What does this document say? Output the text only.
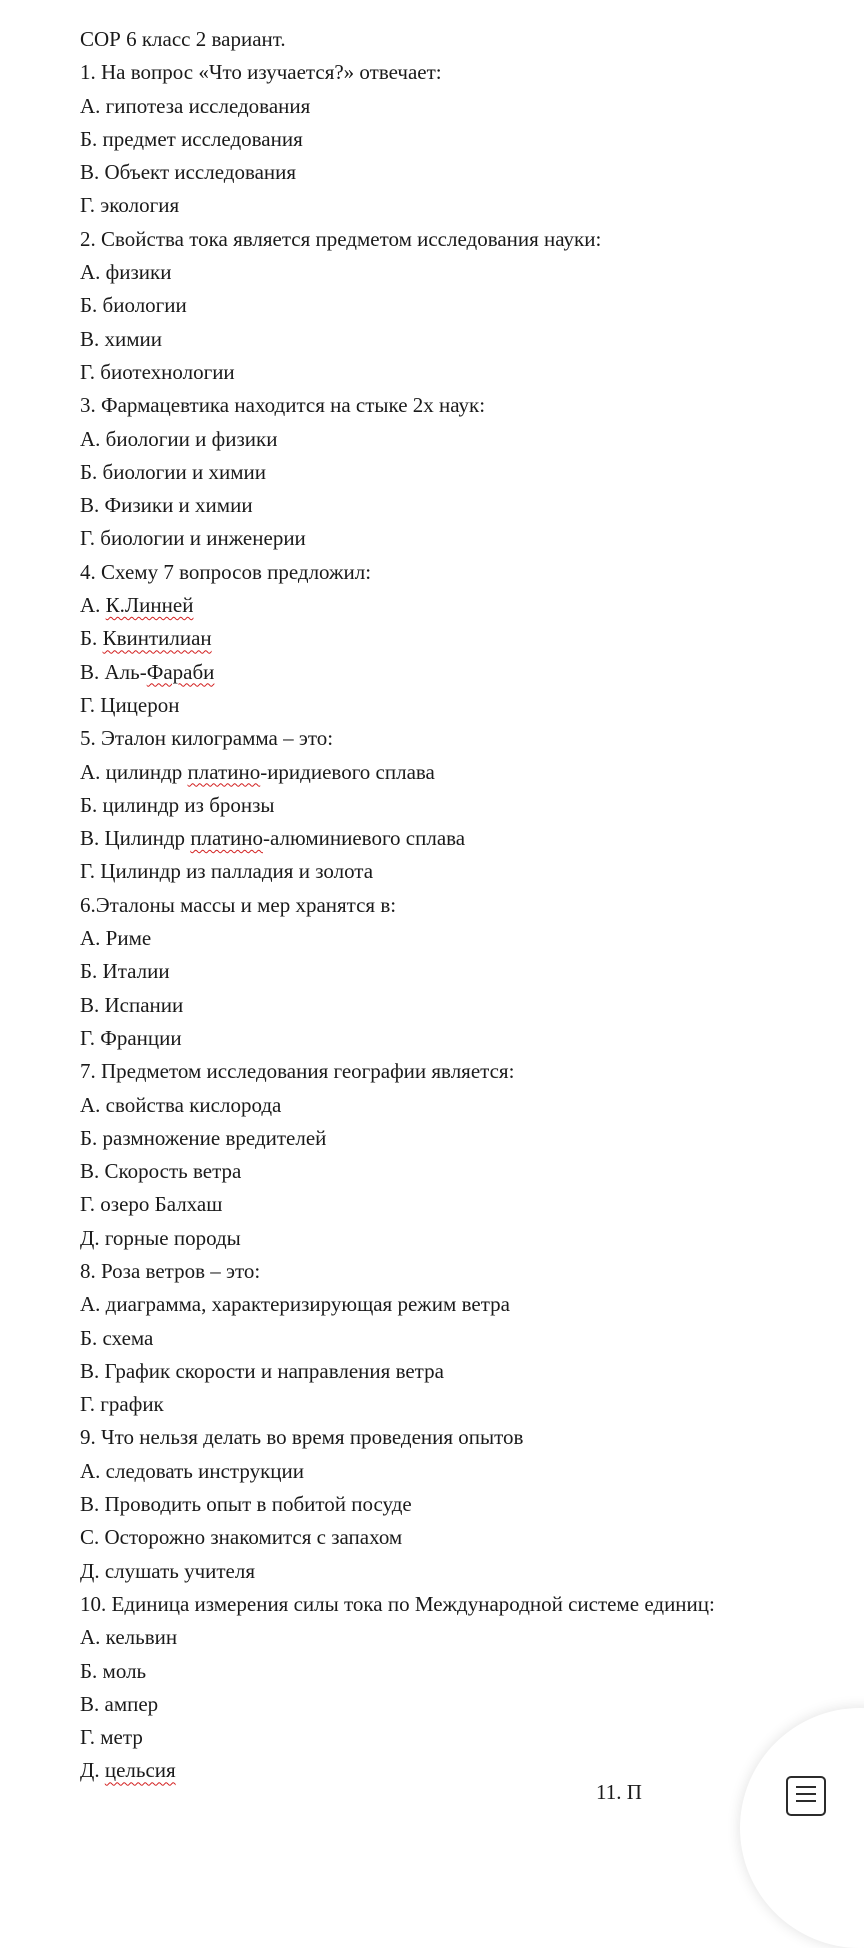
СОР 6 класс 2 вариант.
1. На вопрос «Что изучается?» отвечает:
А. гипотеза исследования
Б. предмет исследования
В. Объект исследования
Г. экология
2. Свойства тока является предметом исследования науки:
А. физики
Б. биологии
В. химии
Г. биотехнологии
3. Фармацевтика находится на стыке 2х наук:
А. биологии и физики
Б. биологии и химии
В. Физики и химии
Г. биологии и инженерии
4. Схему 7 вопросов предложил:
А. К.Линней
Б. Квинтилиан
В. Аль-Фараби
Г. Цицерон
5. Эталон килограмма – это:
А. цилиндр платино-иридиевого сплава
Б. цилиндр из бронзы
В. Цилиндр платино-алюминиевого сплава
Г. Цилиндр из палладия и золота
6.Эталоны массы и мер хранятся в:
А. Риме
Б. Италии
В. Испании
Г. Франции
7. Предметом исследования географии является:
А. свойства кислорода
Б. размножение вредителей
В. Скорость ветра
Г. озеро Балхаш
Д. горные породы
8. Роза ветров – это:
А. диаграмма, характеризирующая режим ветра
Б. схема
В. График скорости и направления ветра
Г. график
9. Что нельзя делать во время проведения опытов
А. следовать инструкции
В. Проводить опыт в побитой посуде
С. Осторожно знакомится с запахом
Д. слушать учителя
10. Единица измерения силы тока по Международной системе единиц:
А. кельвин
Б. моль
В. ампер
Г. метр
Д. цельсия
11. П
